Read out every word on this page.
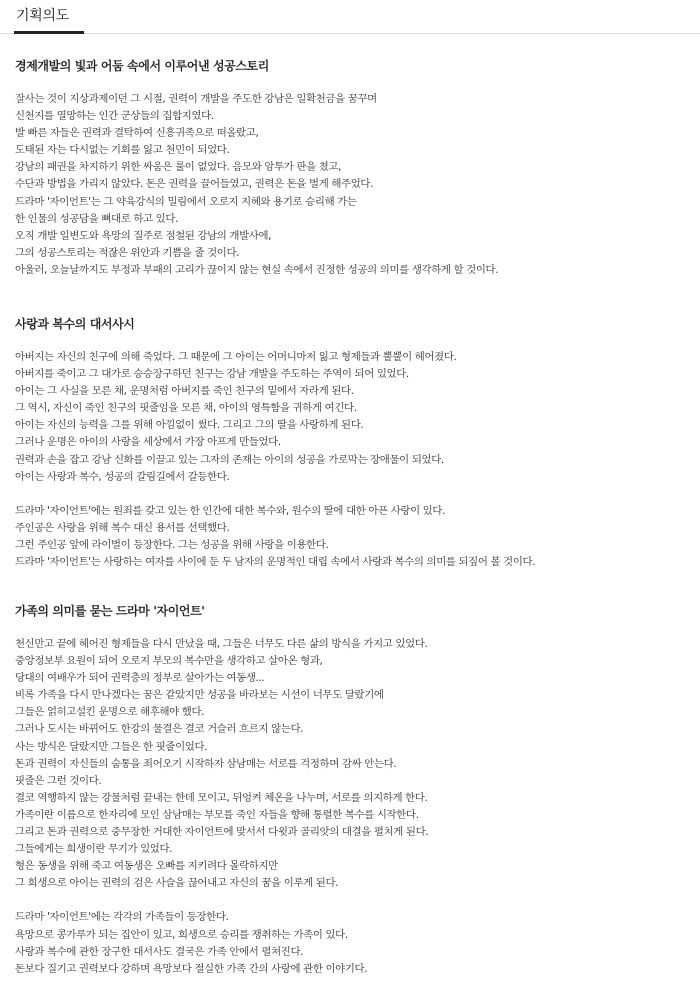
기획의도
경제개발의 빛과 어둠 속에서 이루어낸 성공스토리
잘사는 것이 지상과제이던 그 시절, 권력이 개발을 주도한 강남은 일확천금을 꿈꾸며
신천지를 열망하는 인간 군상들의 집합지였다.
발 빠른 자들은 권력과 결탁하여 신흥귀족으로 떠올랐고,
도태된 자는 다시없는 기회를 잃고 천민이 되었다.
강남의 패권을 차지하기 위한 싸움은 룰이 없었다. 음모와 암투가 판을 쳤고,
수단과 방법을 가리지 않았다. 돈은 권력을 끌어들였고, 권력은 돈을 벌게 해주었다.
드라마 '자이언트'는 그 약육강식의 밀림에서 오로지 지혜와 용기로 승리해 가는
한 인물의 성공담을 뼈대로 하고 있다.
오직 개발 일변도와 욕망의 질주로 점철된 강남의 개발사에,
그의 성공스토리는 적잖은 위안과 기쁨을 줄 것이다.
아울러, 오늘날까지도 부정과 부패의 고리가 끊이지 않는 현실 속에서 진정한 성공의 의미를 생각하게 할 것이다.
사랑과 복수의 대서사시
아버지는 자신의 친구에 의해 죽었다. 그 때문에 그 아이는 어머니마저 잃고 형제들과 뿔뿔이 헤어졌다.
아버지를 죽이고 그 대가로 승승장구하던 친구는 강남 개발을 주도하는 주역이 되어 있었다.
아이는 그 사실을 모른 채, 운명처럼 아버지를 죽인 친구의 밑에서 자라게 된다.
그 역시, 자신이 죽인 친구의 핏줄임을 모른 채, 아이의 영특함을 귀하게 여긴다.
아이는 자신의 능력을 그를 위해 아낌없이 썼다. 그리고 그의 딸을 사랑하게 된다.
그러나 운명은 아이의 사랑을 세상에서 가장 아프게 만들었다.
권력과 손을 잡고 강남 신화를 이끌고 있는 그자의 존재는 아이의 성공을 가로막는 장애물이 되었다.
아이는 사랑과 복수, 성공의 갈림길에서 갈등한다.
드라마 '자이언트'에는 원죄를 갖고 있는 한 인간에 대한 복수와, 원수의 딸에 대한 아픈 사랑이 있다.
주인공은 사랑을 위해 복수 대신 용서를 선택했다.
그런 주인공 앞에 라이벌이 등장한다. 그는 성공을 위해 사랑을 이용한다.
드라마 '자이언트'는 사랑하는 여자를 사이에 둔 두 남자의 운명적인 대립 속에서 사랑과 복수의 의미를 되짚어 볼 것이다.
가족의 의미를 묻는 드라마 '자이언트'
천신만고 끝에 헤어진 형제들을 다시 만났을 때, 그들은 너무도 다른 삶의 방식을 가지고 있었다.
중앙정보부 요원이 되어 오로지 부모의 복수만을 생각하고 살아온 형과,
당대의 여배우가 되어 권력층의 정부로 살아가는 여동생...
비록 가족을 다시 만나겠다는 꿈은 같았지만 성공을 바라보는 시선이 너무도 달랐기에
그들은 얽히고설킨 운명으로 해후해야 했다.
그러나 도시는 바뀌어도 한강의 물결은 결코 거슬러 흐르지 않는다.
사는 방식은 달랐지만 그들은 한 핏줄이었다.
돈과 권력이 자신들의 숨통을 죄어오기 시작하자 삼남매는 서로를 걱정하며 감싸 안는다.
핏줄은 그런 것이다.
결코 역행하지 않는 강물처럼 끝내는 한데 모이고, 뒤엉켜 체온을 나누며, 서로를 의지하게 한다.
가족이란 이름으로 한자리에 모인 삼남매는 부모를 죽인 자들을 향해 통렬한 복수를 시작한다.
그리고 돈과 권력으로 중무장한 거대한 자이언트에 맞서서 다윗과 골리앗의 대결을 펼치게 된다.
그들에게는 희생이란 무기가 있었다.
형은 동생을 위해 죽고 여동생은 오빠를 지키려다 몰락하지만
그 희생으로 아이는 권력의 검은 사슬을 끊어내고 자신의 꿈을 이루게 된다.
드라마 '자이언트'에는 각각의 가족들이 등장한다.
욕망으로 콩가루가 되는 집안이 있고, 희생으로 승리를 쟁취하는 가족이 있다.
사랑과 복수에 관한 장구한 대서사도 결국은 가족 안에서 펼쳐진다.
돈보다 질기고 권력보다 강하며 욕망보다 절실한 가족 간의 사랑에 관한 이야기다.
